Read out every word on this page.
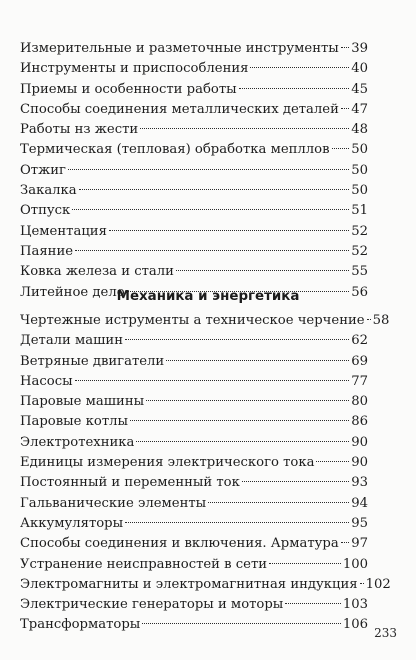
Измерительные и разметочные инструменты 39
Инструменты и приспособления	40
Приемы и особенности работы	45
Способы соединения металлических деталей 47
Работы нз жести	48
Термическая (тепловая) обработка мепллов 50
Отжиг	50
Закалка	50
Отпуск	51
Цементация	52
Паяние	52
Ковка железа и стали	55
Литейное дело	56
Механика и энергетика
Чертежные иструменты а техническое черчение 58
Детали машин	62
Ветряные двигатели	69
Насосы	77
Паровые машины	80
Паровые котлы	86
Электротехника	90
Единицы измерения электрического тока	90
Постоянный и переменный ток	93
Гальванические элементы	94
Аккумуляторы	95
Способы соединения и включения. Арматура 97
Устранение неисправностей в сети	100
Электромагниты и электромагнитная индукция 102
Электрические генераторы и моторы	103
Трансформаторы	106
233
